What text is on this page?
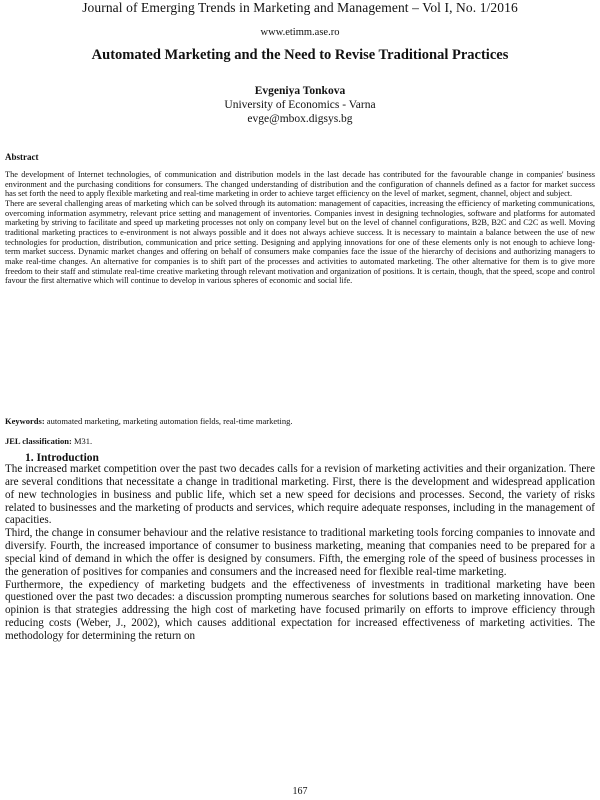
Journal of Emerging Trends in Marketing and Management – Vol I, No. 1/2016
www.etimm.ase.ro
Automated Marketing and the Need to Revise Traditional Practices
Evgeniya Tonkova
University of Economics - Varna
evge@mbox.digsys.bg
Abstract

The development of Internet technologies, of communication and distribution models in the last decade has contributed for the favourable change in companies' business environment and the purchasing conditions for consumers. The changed understanding of distribution and the configuration of channels defined as a factor for market success has set forth the need to apply flexible marketing and real-time marketing in order to achieve target efficiency on the level of market, segment, channel, object and subject.

There are several challenging areas of marketing which can be solved through its automation: management of capacities, increasing the efficiency of marketing communications, overcoming information asymmetry, relevant price setting and management of inventories. Companies invest in designing technologies, software and platforms for automated marketing by striving to facilitate and speed up marketing processes not only on company level but on the level of channel configurations, B2B, B2C and C2C as well. Moving traditional marketing practices to e-environment is not always possible and it does not always achieve success. It is necessary to maintain a balance between the use of new technologies for production, distribution, communication and price setting. Designing and applying innovations for one of these elements only is not enough to achieve long-term market success. Dynamic market changes and offering on behalf of consumers make companies face the issue of the hierarchy of decisions and authorizing managers to make real-time changes. An alternative for companies is to shift part of the processes and activities to automated marketing. The other alternative for them is to give more freedom to their staff and stimulate real-time creative marketing through relevant motivation and organization of positions. It is certain, though, that the speed, scope and control favour the first alternative which will continue to develop in various spheres of economic and social life.

Keywords: automated marketing, marketing automation fields, real-time marketing.
JEL classification: M31.
1. Introduction

The increased market competition over the past two decades calls for a revision of marketing activities and their organization. There are several conditions that necessitate a change in traditional marketing. First, there is the development and widespread application of new technologies in business and public life, which set a new speed for decisions and processes. Second, the variety of risks related to businesses and the marketing of products and services, which require adequate responses, including in the management of capacities.

Third, the change in consumer behaviour and the relative resistance to traditional marketing tools forcing companies to innovate and diversify. Fourth, the increased importance of consumer to business marketing, meaning that companies need to be prepared for a special kind of demand in which the offer is designed by consumers. Fifth, the emerging role of the speed of business processes in the generation of positives for companies and consumers and the increased need for flexible real-time marketing.

Furthermore, the expediency of marketing budgets and the effectiveness of investments in traditional marketing have been questioned over the past two decades: a discussion prompting numerous searches for solutions based on marketing innovation. One opinion is that strategies addressing the high cost of marketing have focused primarily on efforts to improve efficiency through reducing costs (Weber, J., 2002), which causes additional expectation for increased effectiveness of marketing activities. The methodology for determining the return on

167
